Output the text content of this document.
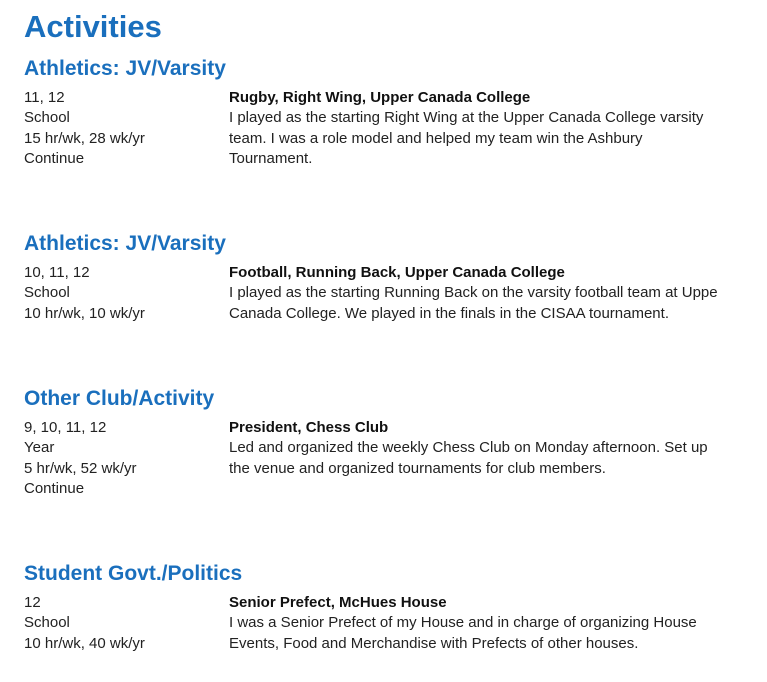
Activities
Athletics: JV/Varsity
11, 12
School
15 hr/wk, 28 wk/yr
Continue
Rugby, Right Wing, Upper Canada College
I played as the starting Right Wing at the Upper Canada College varsity
team. I was a role model and helped my team win the Ashbury
Tournament.
Athletics: JV/Varsity
10, 11, 12
School
10 hr/wk, 10 wk/yr
Football, Running Back, Upper Canada College
I played as the starting Running Back on the varsity football team at Uppe
Canada College. We played in the finals in the CISAA tournament.
Other Club/Activity
9, 10, 11, 12
Year
5 hr/wk, 52 wk/yr
Continue
President, Chess Club
Led and organized the weekly Chess Club on Monday afternoon. Set up
the venue and organized tournaments for club members.
Student Govt./Politics
12
School
10 hr/wk, 40 wk/yr
Senior Prefect, McHues House
I was a Senior Prefect of my House and in charge of organizing House
Events, Food and Merchandise with Prefects of other houses.
